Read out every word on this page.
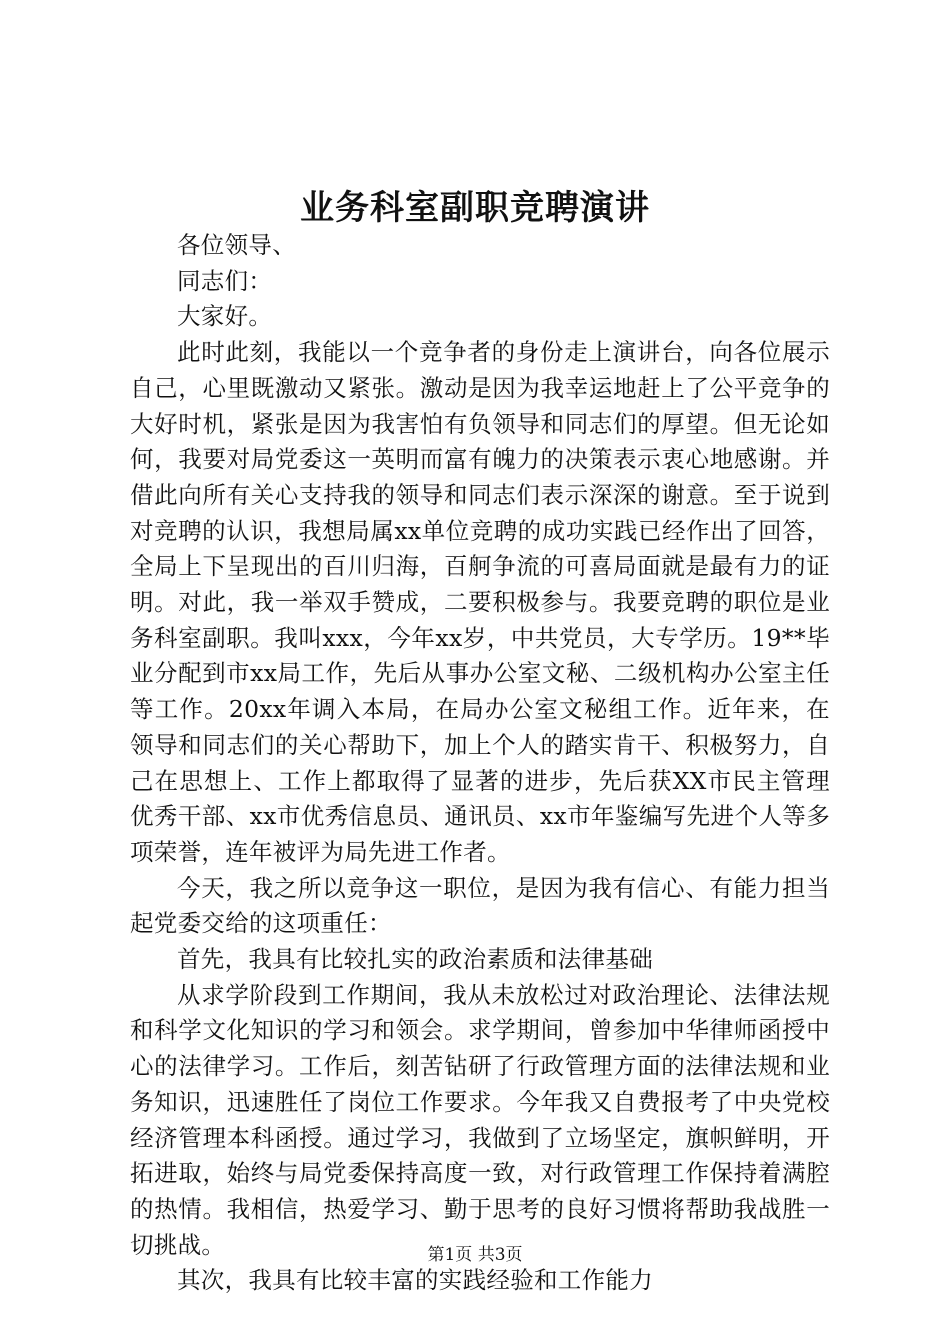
业务科室副职竞聘演讲

各位领导、

同志们：

大家好。

此时此刻，我能以一个竞争者的身份走上演讲台，向各位展示自己，心里既激动又紧张。激动是因为我幸运地赶上了公平竞争的大好时机，紧张是因为我害怕有负领导和同志们的厚望。但无论如何，我要对局党委这一英明而富有魄力的决策表示衷心地感谢。并借此向所有关心支持我的领导和同志们表示深深的谢意。至于说到对竞聘的认识，我想局属xx单位竞聘的成功实践已经作出了回答，全局上下呈现出的百川归海，百舸争流的可喜局面就是最有力的证明。对此，我一举双手赞成，二要积极参与。我要竞聘的职位是业务科室副职。我叫xxx，今年xx岁，中共党员，大专学历。19**毕业分配到市xx局工作，先后从事办公室文秘、二级机构办公室主任等工作。20xx年调入本局，在局办公室文秘组工作。近年来，在领导和同志们的关心帮助下，加上个人的踏实肯干、积极努力，自己在思想上、工作上都取得了显著的进步，先后获XX市民主管理优秀干部、xx市优秀信息员、通讯员、xx市年鉴编写先进个人等多项荣誉，连年被评为局先进工作者。

今天，我之所以竞争这一职位，是因为我有信心、有能力担当起党委交给的这项重任：

首先，我具有比较扎实的政治素质和法律基础

从求学阶段到工作期间，我从未放松过对政治理论、法律法规和科学文化知识的学习和领会。求学期间，曾参加中华律师函授中心的法律学习。工作后，刻苦钻研了行政管理方面的法律法规和业务知识，迅速胜任了岗位工作要求。今年我又自费报考了中央党校经济管理本科函授。通过学习，我做到了立场坚定，旗帜鲜明，开拓进取，始终与局党委保持高度一致，对行政管理工作保持着满腔的热情。我相信，热爱学习、勤于思考的良好习惯将帮助我战胜一切挑战。

其次，我具有比较丰富的实践经验和工作能力

第1页 共3页
